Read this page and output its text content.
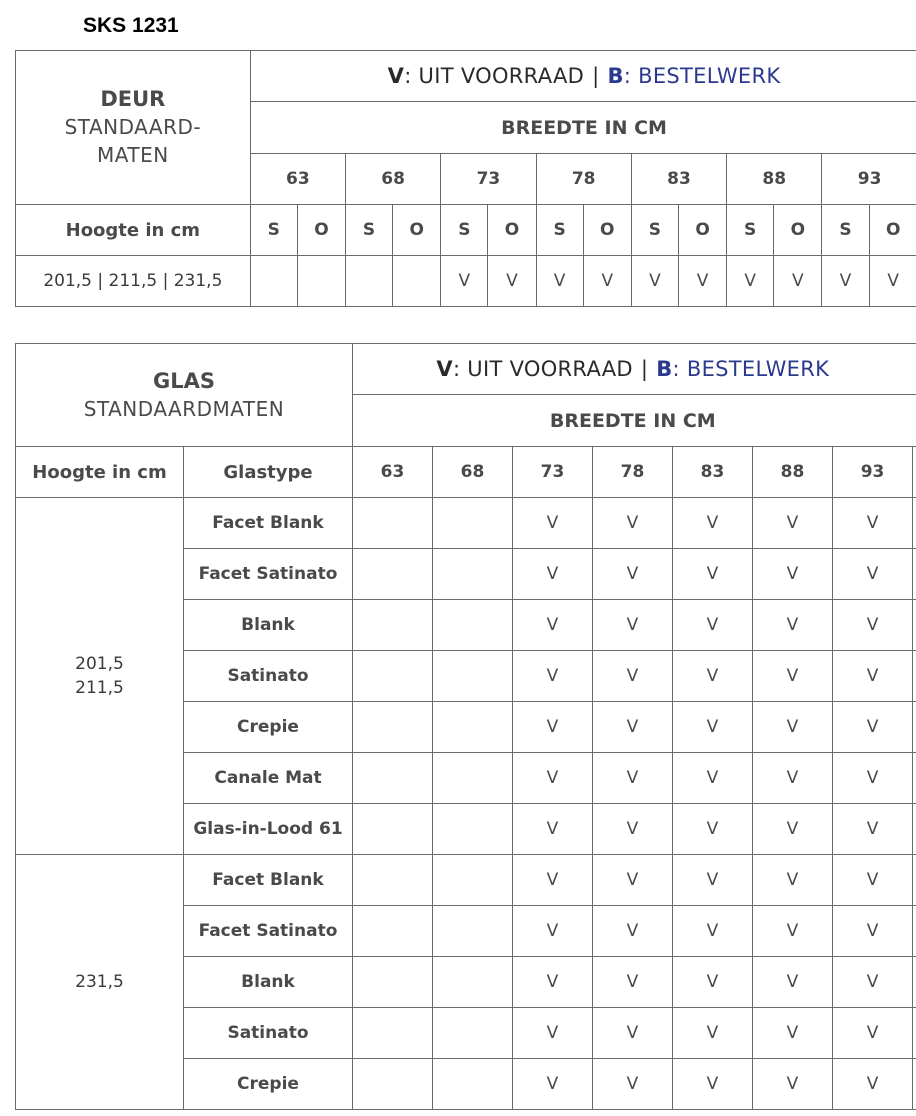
SKS 1231
DEUR
STANDAARD-
MATEN	V: UIT VOORRAAD | B: BESTELWERK														
	BREEDTE IN CM														
	63		68		73		78		83		88		93		
Hoogte in cm	S	O	S	O	S	O	S	O	S	O	S	O	S	O	
201,5 | 211,5 | 231,5					V	V	V	V	V	V	V	V	V	V	
GLAS
STANDAARDMATEN		V: UIT VOORRAAD | B: BESTELWERK							
		BREEDTE IN CM							
Hoogte in cm	Glastype	63	68	73	78	83	88	93	

201,5
211,5	Facet Blank			V	V	V	V	V	
	Facet Satinato			V	V	V	V	V	
	Blank			V	V	V	V	V	
	Satinato			V	V	V	V	V	
	Crepie			V	V	V	V	V	
	Canale Mat			V	V	V	V	V	
	Glas-in-Lood 61			V	V	V	V	V	

231,5	Facet Blank			V	V	V	V	V	
	Facet Satinato			V	V	V	V	V	
	Blank			V	V	V	V	V	
	Satinato			V	V	V	V	V	
	Crepie			V	V	V	V	V	
